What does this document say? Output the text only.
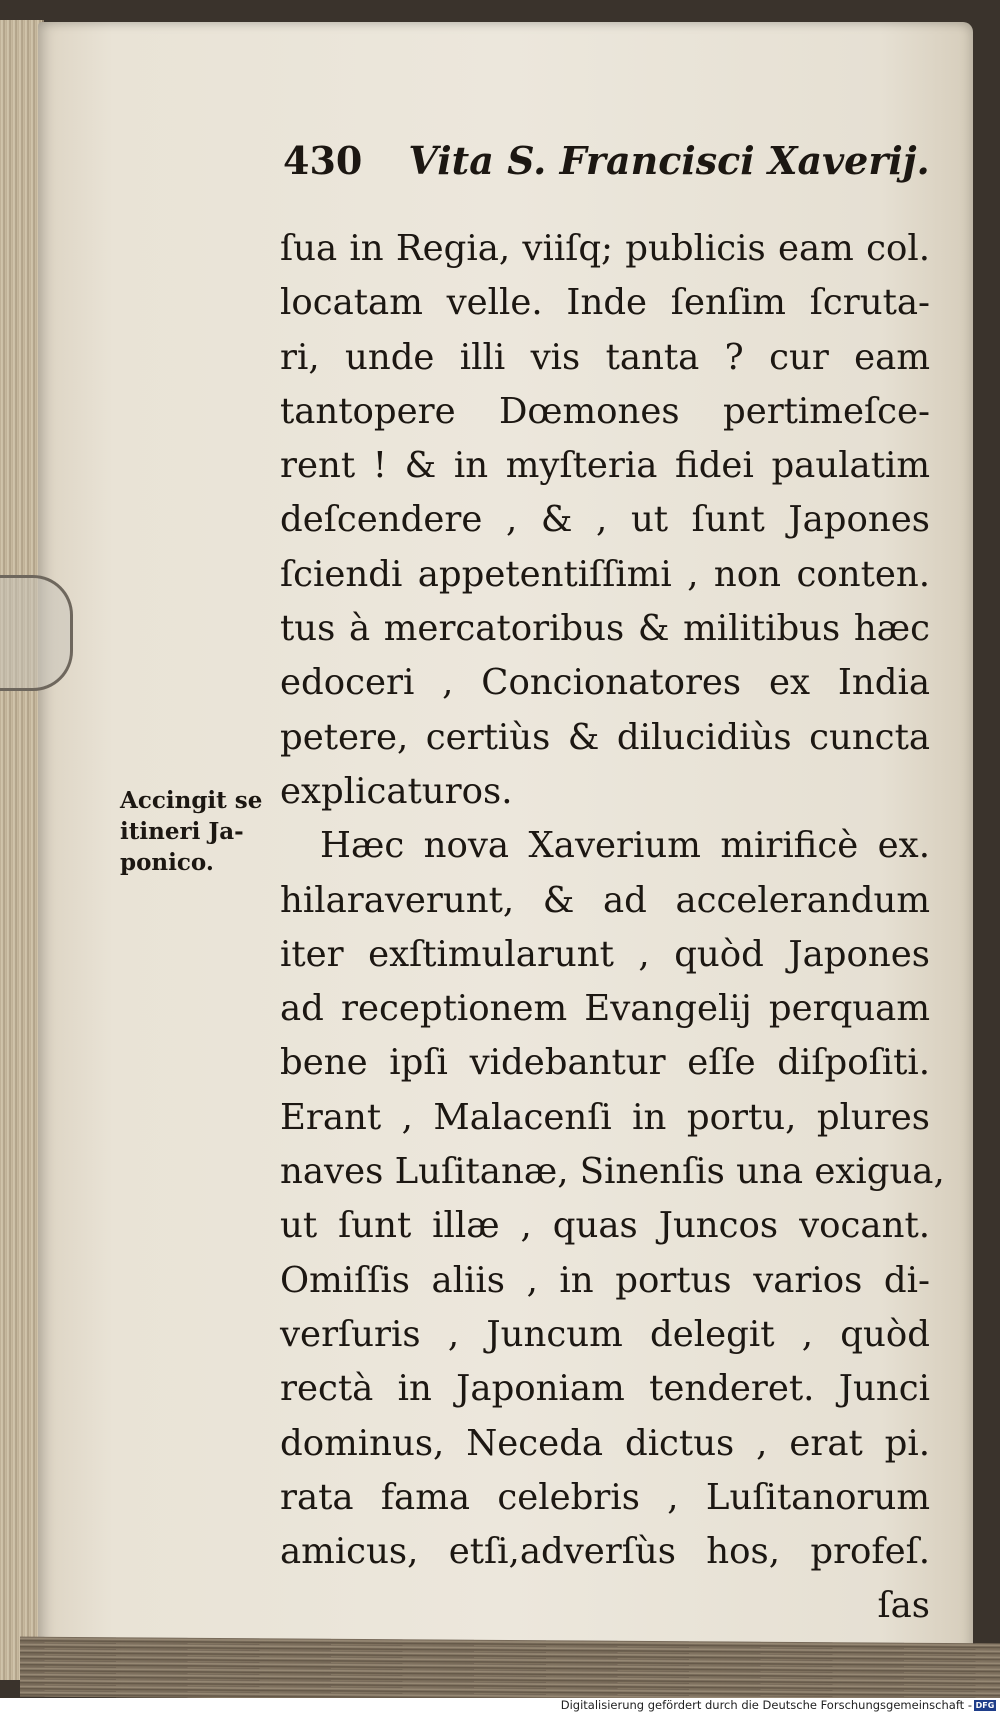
430 Vita S. Francisci Xaverij.
Accingit se
itineri Ja-
ponico.
ſua in Regia, viiſq; publicis eam col.
locatam velle. Inde ſenſim ſcruta-
ri, unde illi vis tanta ? cur eam
tantopere Dœmones pertimeſce-
rent ! & in myſteria fidei paulatim
deſcendere , & , ut ſunt Japones
ſciendi appetentiſſimi , non conten.
tus à mercatoribus & militibus hæc
edoceri , Concionatores ex India
petere, certiùs & dilucidiùs cuncta
explicaturos.
Hæc nova Xaverium mirificè ex.
hilaraverunt, & ad accelerandum
iter exſtimularunt , quòd Japones
ad receptionem Evangelij perquam
bene ipſi videbantur eſſe diſpoſiti.
Erant , Malacenſi in portu, plures
naves Luſitanæ, Sinenſis una exigua,
ut ſunt illæ , quas Juncos vocant.
Omiſſis aliis , in portus varios di-
verſuris , Juncum delegit , quòd
rectà in Japoniam tenderet. Junci
dominus, Neceda dictus , erat pi.
rata fama celebris , Luſitanorum
amicus, etſi,adverſùs hos, profeſ.
ſas
Digitalisierung gefördert durch die Deutsche Forschungsgemeinschaft - DFG
